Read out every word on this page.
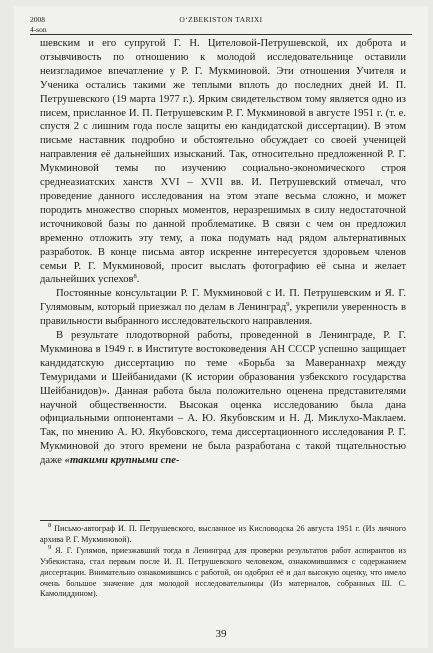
2008
4-son
O‘ZBEKISTON TARIXI

шевским и его супругой Г. Н. Цителовой-Петрушевской, их доброта и отзывчивость по отношению к молодой исследовательнице оставили неизгладимое впечатление у Р. Г. Мукминовой. Эти отношения Учителя и Ученика остались такими же теплыми вплоть до последних дней И. П. Петрушевского (19 марта 1977 г.). Ярким свидетельством тому является одно из писем, присланное И. П. Петрушевским Р. Г. Мукминовой в августе 1951 г. (т. е. спустя 2 с лишним года после защиты ею кандидатской диссертации). В этом письме наставник подробно и обстоятельно обсуждает со своей ученицей направления её дальнейших изысканий. Так, относительно предложенной Р. Г. Мукминовой темы по изучению социально-экономического строя среднеазиатских ханств XVI – XVII вв. И. Петрушевский отмечал, что проведение данного исследования на этом этапе весьма сложно, и может породить множество спорных моментов, неразрешимых в силу недостаточной источниковой базы по данной проблематике. В связи с чем он предложил временно отложить эту тему, а пока подумать над рядом альтернативных разработок. В конце письма автор искренне интересуется здоровьем членов семьи Р. Г. Мукминовой, просит выслать фотографию её сына и желает дальнейших успехов$^8$.

Постоянные консультации Р. Г. Мукминовой с И. П. Петрушевским и Я. Г. Гулямовым, который приезжал по делам в Ленинград$^9$, укрепили уверенность в правильности выбранного исследовательского направления.

В результате плодотворной работы, проведенной в Ленинграде, Р. Г. Мукминова в 1949 г. в Институте востоковедения АН СССР успешно защищает кандидатскую диссертацию по теме «Борьба за Мавераннахр между Темуридами и Шейбанидами (К истории образования узбекского государства Шейбанидов)». Данная работа была положительно оценена представителями научной общественности. Высокая оценка исследованию была дана официальными оппонентами – А. Ю. Якубовским и Н. Д. Миклухо-Маклаем. Так, по мнению А. Ю. Якубовского, тема диссертационного исследования Р. Г. Мукминовой до этого времени не была разработана с такой тщательностью даже «такими крупными спе-

$^8$ Письмо-автограф И. П. Петрушевского, высланное из Кисловодска 26 августа 1951 г. (Из личного архива Р. Г. Мукминовой).

$^9$ Я. Г. Гулямов, приезжавший тогда в Ленинград для проверки результатов работ аспирантов из Узбекистана, стал первым после И. П. Петрушевского человеком, ознакомившимся с содержанием диссертации. Внимательно ознакомившись с работой, он одобрил её и дал высокую оценку, что имело очень большое значение для молодой исследовательницы (Из материалов, собранных Ш. С. Камолиддином).

39
